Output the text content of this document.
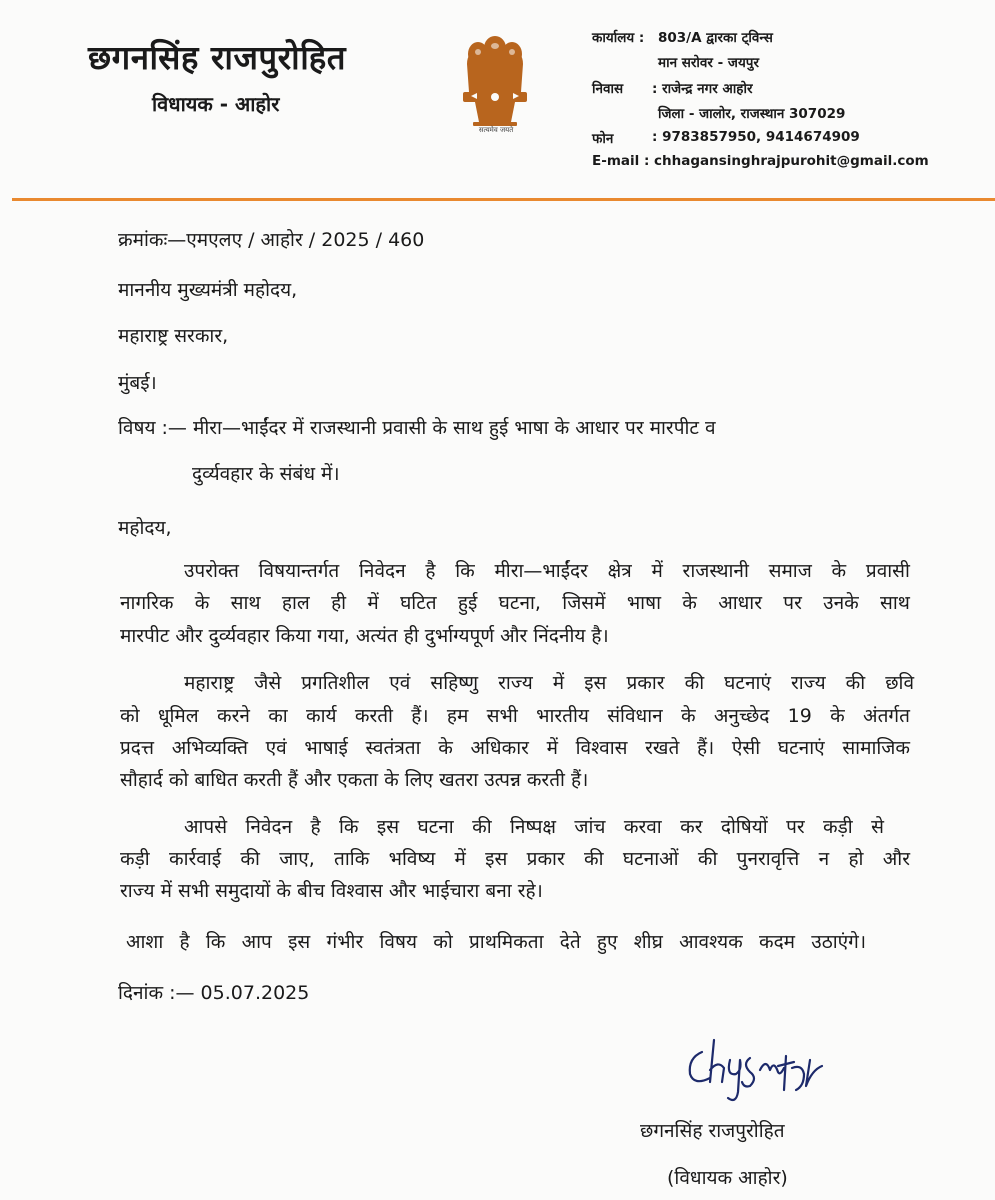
छगनसिंह राजपुरोहित
विधायक - आहोर
सत्यमेव जयते
कार्यालय : 803/A द्वारका ट्विन्स
मान सरोवर - जयपुर
निवास	: राजेन्द्र नगर आहोर
जिला - जालोर, राजस्थान 307029
फोन	: 9783857950, 9414674909
E-mail : chhagansinghrajpurohit@gmail.com
क्रमांकः—एमएलए / आहोर / 2025 / 460
माननीय मुख्यमंत्री महोदय,
महाराष्ट्र सरकार,
मुंबई।
विषय :— मीरा—भाईंदर में राजस्थानी प्रवासी के साथ हुई भाषा के आधार पर मारपीट व
दुर्व्यवहार के संबंध में।
महोदय,
उपरोक्त विषयान्तर्गत निवेदन है कि मीरा—भाईंदर क्षेत्र में राजस्थानी समाज के प्रवासी
नागरिक के साथ हाल ही में घटित हुई घटना, जिसमें भाषा के आधार पर उनके साथ
मारपीट और दुर्व्यवहार किया गया, अत्यंत ही दुर्भाग्यपूर्ण और निंदनीय है।
महाराष्ट्र जैसे प्रगतिशील एवं सहिष्णु राज्य में इस प्रकार की घटनाएं राज्य की छवि
को धूमिल करने का कार्य करती हैं। हम सभी भारतीय संविधान के अनुच्छेद 19 के अंतर्गत
प्रदत्त अभिव्यक्ति एवं भाषाई स्वतंत्रता के अधिकार में विश्वास रखते हैं। ऐसी घटनाएं सामाजिक
सौहार्द को बाधित करती हैं और एकता के लिए खतरा उत्पन्न करती हैं।
आपसे निवेदन है कि इस घटना की निष्पक्ष जांच करवा कर दोषियों पर कड़ी से
कड़ी कार्रवाई की जाए, ताकि भविष्य में इस प्रकार की घटनाओं की पुनरावृत्ति न हो और
राज्य में सभी समुदायों के बीच विश्वास और भाईचारा बना रहे।
आशा है कि आप इस गंभीर विषय को प्राथमिकता देते हुए शीघ्र आवश्यक कदम उठाएंगे।
दिनांक :— 05.07.2025
छगनसिंह राजपुरोहित
(विधायक आहोर)
